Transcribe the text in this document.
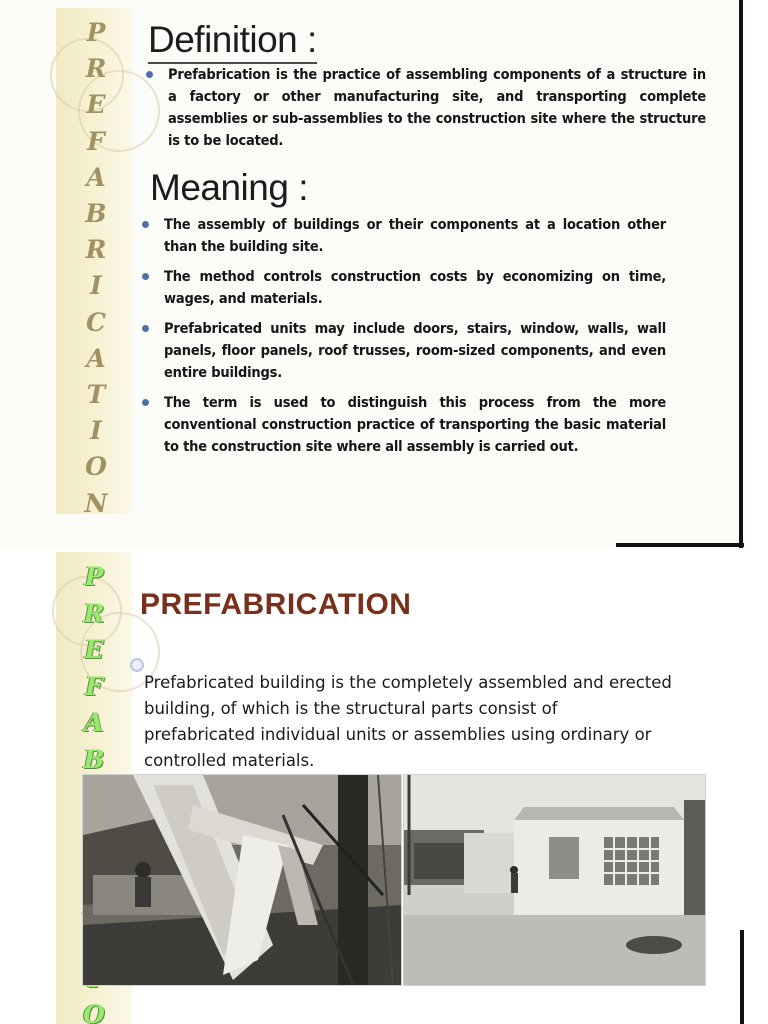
P
R
E
F
A
B
R
I
C
A
T
I
O
N
Definition :
Prefabrication is the practice of assembling components of a structure in a factory or other manufacturing site, and transporting complete assemblies or sub-assemblies to the construction site where the structure is to be located.
Meaning :
The assembly of buildings or their components at a location other than the building site.
The method controls construction costs by economizing on time, wages, and materials.
Prefabricated units may include doors, stairs, window, walls, wall panels, floor panels, roof trusses, room-sized components, and even entire buildings.
The term is used to distinguish this process from the more conventional construction practice of transporting the basic material to the construction site where all assembly is carried out.
P
R
E
F
A
B
O
PREFABRICATION

Prefabricated building is the completely assembled and erected building, of which is the structural parts consist of prefabricated individual units or assemblies using ordinary or controlled materials.
